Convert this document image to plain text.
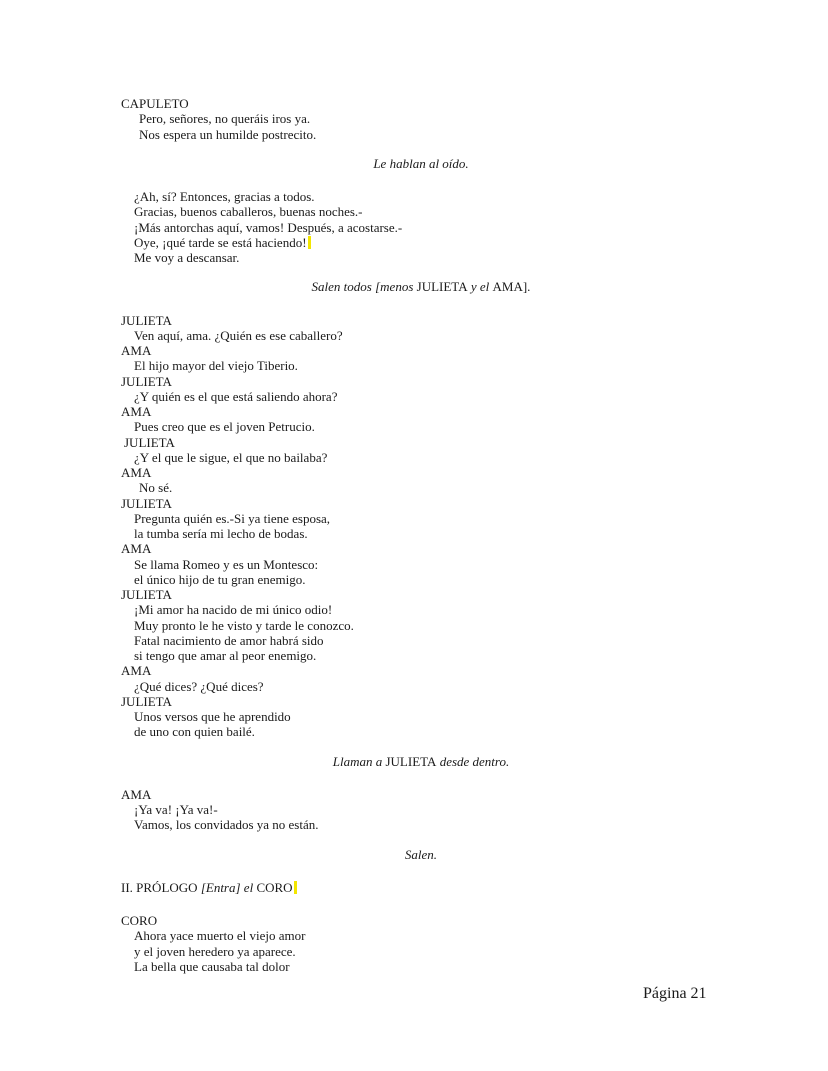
CAPULETO

Pero, señores, no queráis iros ya.

Nos espera un humilde postrecito.

Le hablan al oído.

¿Ah, sí? Entonces, gracias a todos.

Gracias, buenos caballeros, buenas noches.-

¡Más antorchas aquí, vamos! Después, a acostarse.-

Oye, ¡qué tarde se está haciendo!

Me voy a descansar.

Salen todos [menos JULIETA y el AMA].

JULIETA

Ven aquí, ama. ¿Quién es ese caballero?

AMA

El hijo mayor del viejo Tiberio.

JULIETA

¿Y quién es el que está saliendo ahora?

AMA

Pues creo que es el joven Petrucio.

JULIETA

¿Y el que le sigue, el que no bailaba?

AMA

No sé.

JULIETA

Pregunta quién es.-Si ya tiene esposa,

la tumba sería mi lecho de bodas.

AMA

Se llama Romeo y es un Montesco:

el único hijo de tu gran enemigo.

JULIETA

¡Mi amor ha nacido de mi único odio!

Muy pronto le he visto y tarde le conozco.

Fatal nacimiento de amor habrá sido

si tengo que amar al peor enemigo.

AMA

¿Qué dices? ¿Qué dices?

JULIETA

Unos versos que he aprendido

de uno con quien bailé.

Llaman a JULIETA desde dentro.

AMA

¡Ya va! ¡Ya va!-

Vamos, los convidados ya no están.

Salen.

II. PRÓLOGO [Entra] el CORO

CORO

Ahora yace muerto el viejo amor

y el joven heredero ya aparece.

La bella que causaba tal dolor

Página 21
